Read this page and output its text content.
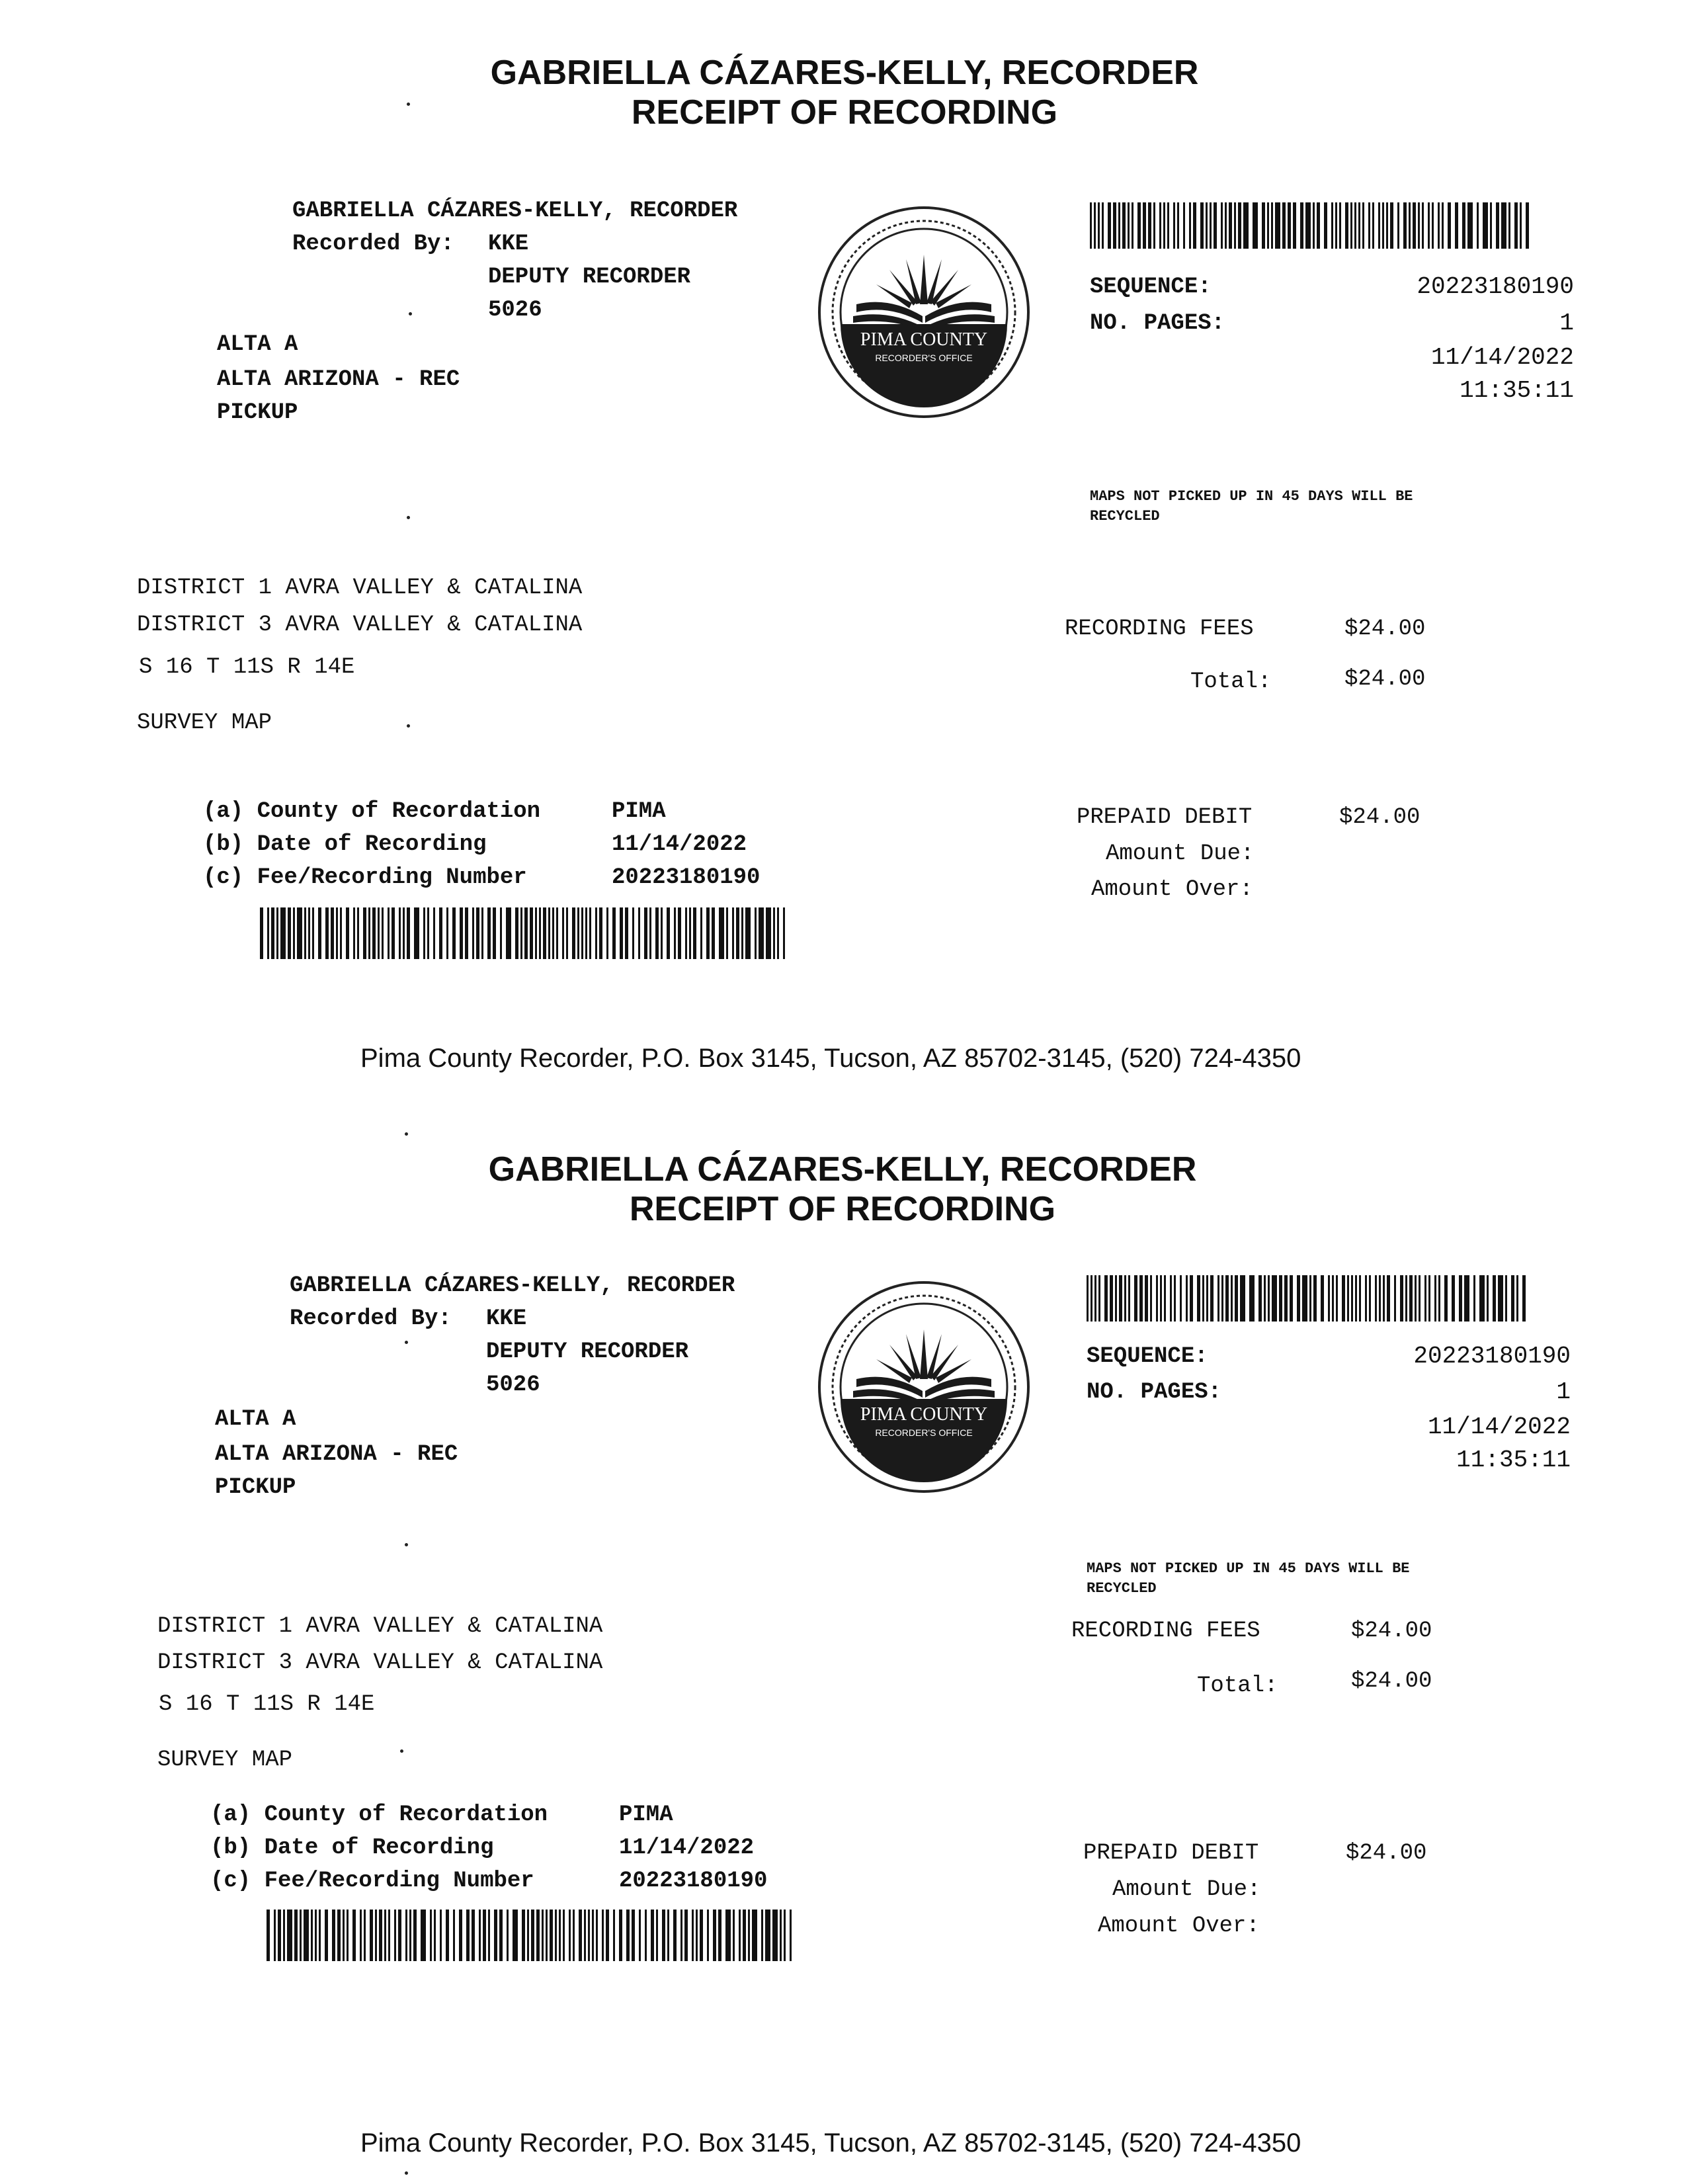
GABRIELLA CÁZARES-KELLY, RECORDER
RECEIPT OF RECORDING
GABRIELLA CÁZARES-KELLY, RECORDER
Recorded By: KKE
DEPUTY RECORDER
5026
ALTA A
ALTA ARIZONA - REC
PICKUP
PIMA COUNTY
RECORDER'S OFFICE
SEQUENCE:	20223180190
NO. PAGES:	1
11/14/2022
11:35:11
MAPS NOT PICKED UP IN 45 DAYS WILL BE
RECYCLED
DISTRICT 1 AVRA VALLEY & CATALINA
DISTRICT 3 AVRA VALLEY & CATALINA
S 16 T 11S R 14E
SURVEY MAP
RECORDING FEES	$24.00
Total:	$24.00
(a) County of Recordation	PIMA
(b) Date of Recording	11/14/2022
(c) Fee/Recording Number	20223180190
PREPAID DEBIT	$24.00
Amount Due:
Amount Over:
Pima County Recorder, P.O. Box 3145, Tucson, AZ 85702-3145, (520) 724-4350
GABRIELLA CÁZARES-KELLY, RECORDER
RECEIPT OF RECORDING
GABRIELLA CÁZARES-KELLY, RECORDER
Recorded By: KKE
DEPUTY RECORDER
5026
ALTA A
ALTA ARIZONA - REC
PICKUP
PIMA COUNTY
RECORDER'S OFFICE
SEQUENCE:	20223180190
NO. PAGES:	1
11/14/2022
11:35:11
MAPS NOT PICKED UP IN 45 DAYS WILL BE
RECYCLED
DISTRICT 1 AVRA VALLEY & CATALINA
DISTRICT 3 AVRA VALLEY & CATALINA
S 16 T 11S R 14E
SURVEY MAP
RECORDING FEES	$24.00
Total:	$24.00
(a) County of Recordation	PIMA
(b) Date of Recording	11/14/2022
(c) Fee/Recording Number	20223180190
PREPAID DEBIT	$24.00
Amount Due:
Amount Over:
Pima County Recorder, P.O. Box 3145, Tucson, AZ 85702-3145, (520) 724-4350
